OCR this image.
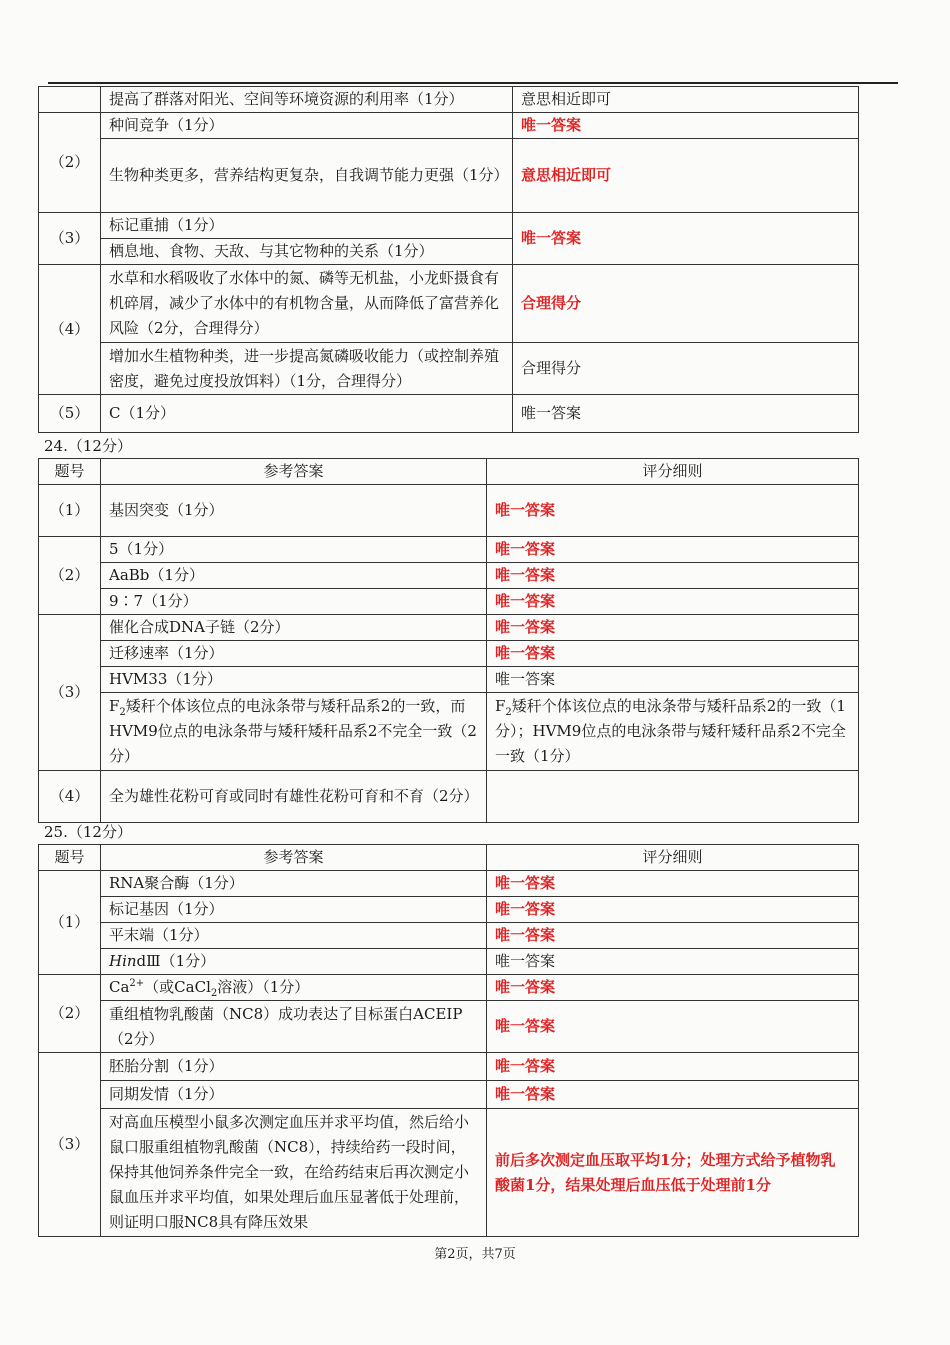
	提高了群落对阳光、空间等环境资源的利用率（1分）	意思相近即可
（2）	种间竞争（1分）	唯一答案
	生物种类更多，营养结构更复杂，自我调节能力更强（1分）	意思相近即可
（3）	标记重捕（1分）	唯一答案
	栖息地、食物、天敌、与其它物种的关系（1分）	
（4）	水草和水稻吸收了水体中的氮、磷等无机盐，小龙虾摄食有机碎屑，减少了水体中的有机物含量，从而降低了富营养化风险（2分，合理得分）	合理得分
	增加水生植物种类，进一步提高氮磷吸收能力（或控制养殖密度，避免过度投放饵料）（1分，合理得分）	合理得分
（5）	C（1分）	唯一答案
24.（12分）
题号	参考答案	评分细则
（1）	基因突变（1分）	唯一答案
（2）	5（1分）	唯一答案
	AaBb（1分）	唯一答案
	9∶7（1分）	唯一答案
（3）	催化合成DNA子链（2分）	唯一答案
	迁移速率（1分）	唯一答案
	HVM33（1分）	唯一答案
	$F_2$矮秆个体该位点的电泳条带与矮秆品系2的一致，而HVM9位点的电泳条带与矮秆矮秆品系2不完全一致（2分）	$F_2$矮秆个体该位点的电泳条带与矮秆品系2的一致（1分）；HVM9位点的电泳条带与矮秆矮秆品系2不完全一致（1分）
（4）	全为雄性花粉可育或同时有雄性花粉可育和不育（2分）	
25.（12分）
题号	参考答案	评分细则
（1）	RNA聚合酶（1分）	唯一答案
	标记基因（1分）	唯一答案
	平末端（1分）	唯一答案
	HindⅢ（1分）	唯一答案
（2）	$Ca^{2+}$（或CaCl$_2$溶液）（1分）	唯一答案
	重组植物乳酸菌（NC8）成功表达了目标蛋白ACEIP（2分）	唯一答案
（3）	胚胎分割（1分）	唯一答案
	同期发情（1分）	唯一答案
	对高血压模型小鼠多次测定血压并求平均值，然后给小鼠口服重组植物乳酸菌（NC8），持续给药一段时间，保持其他饲养条件完全一致，在给药结束后再次测定小鼠血压并求平均值，如果处理后血压显著低于处理前，则证明口服NC8具有降压效果	前后多次测定血压取平均1分；处理方式给予植物乳酸菌1分，结果处理后血压低于处理前1分
第2页，共7页
